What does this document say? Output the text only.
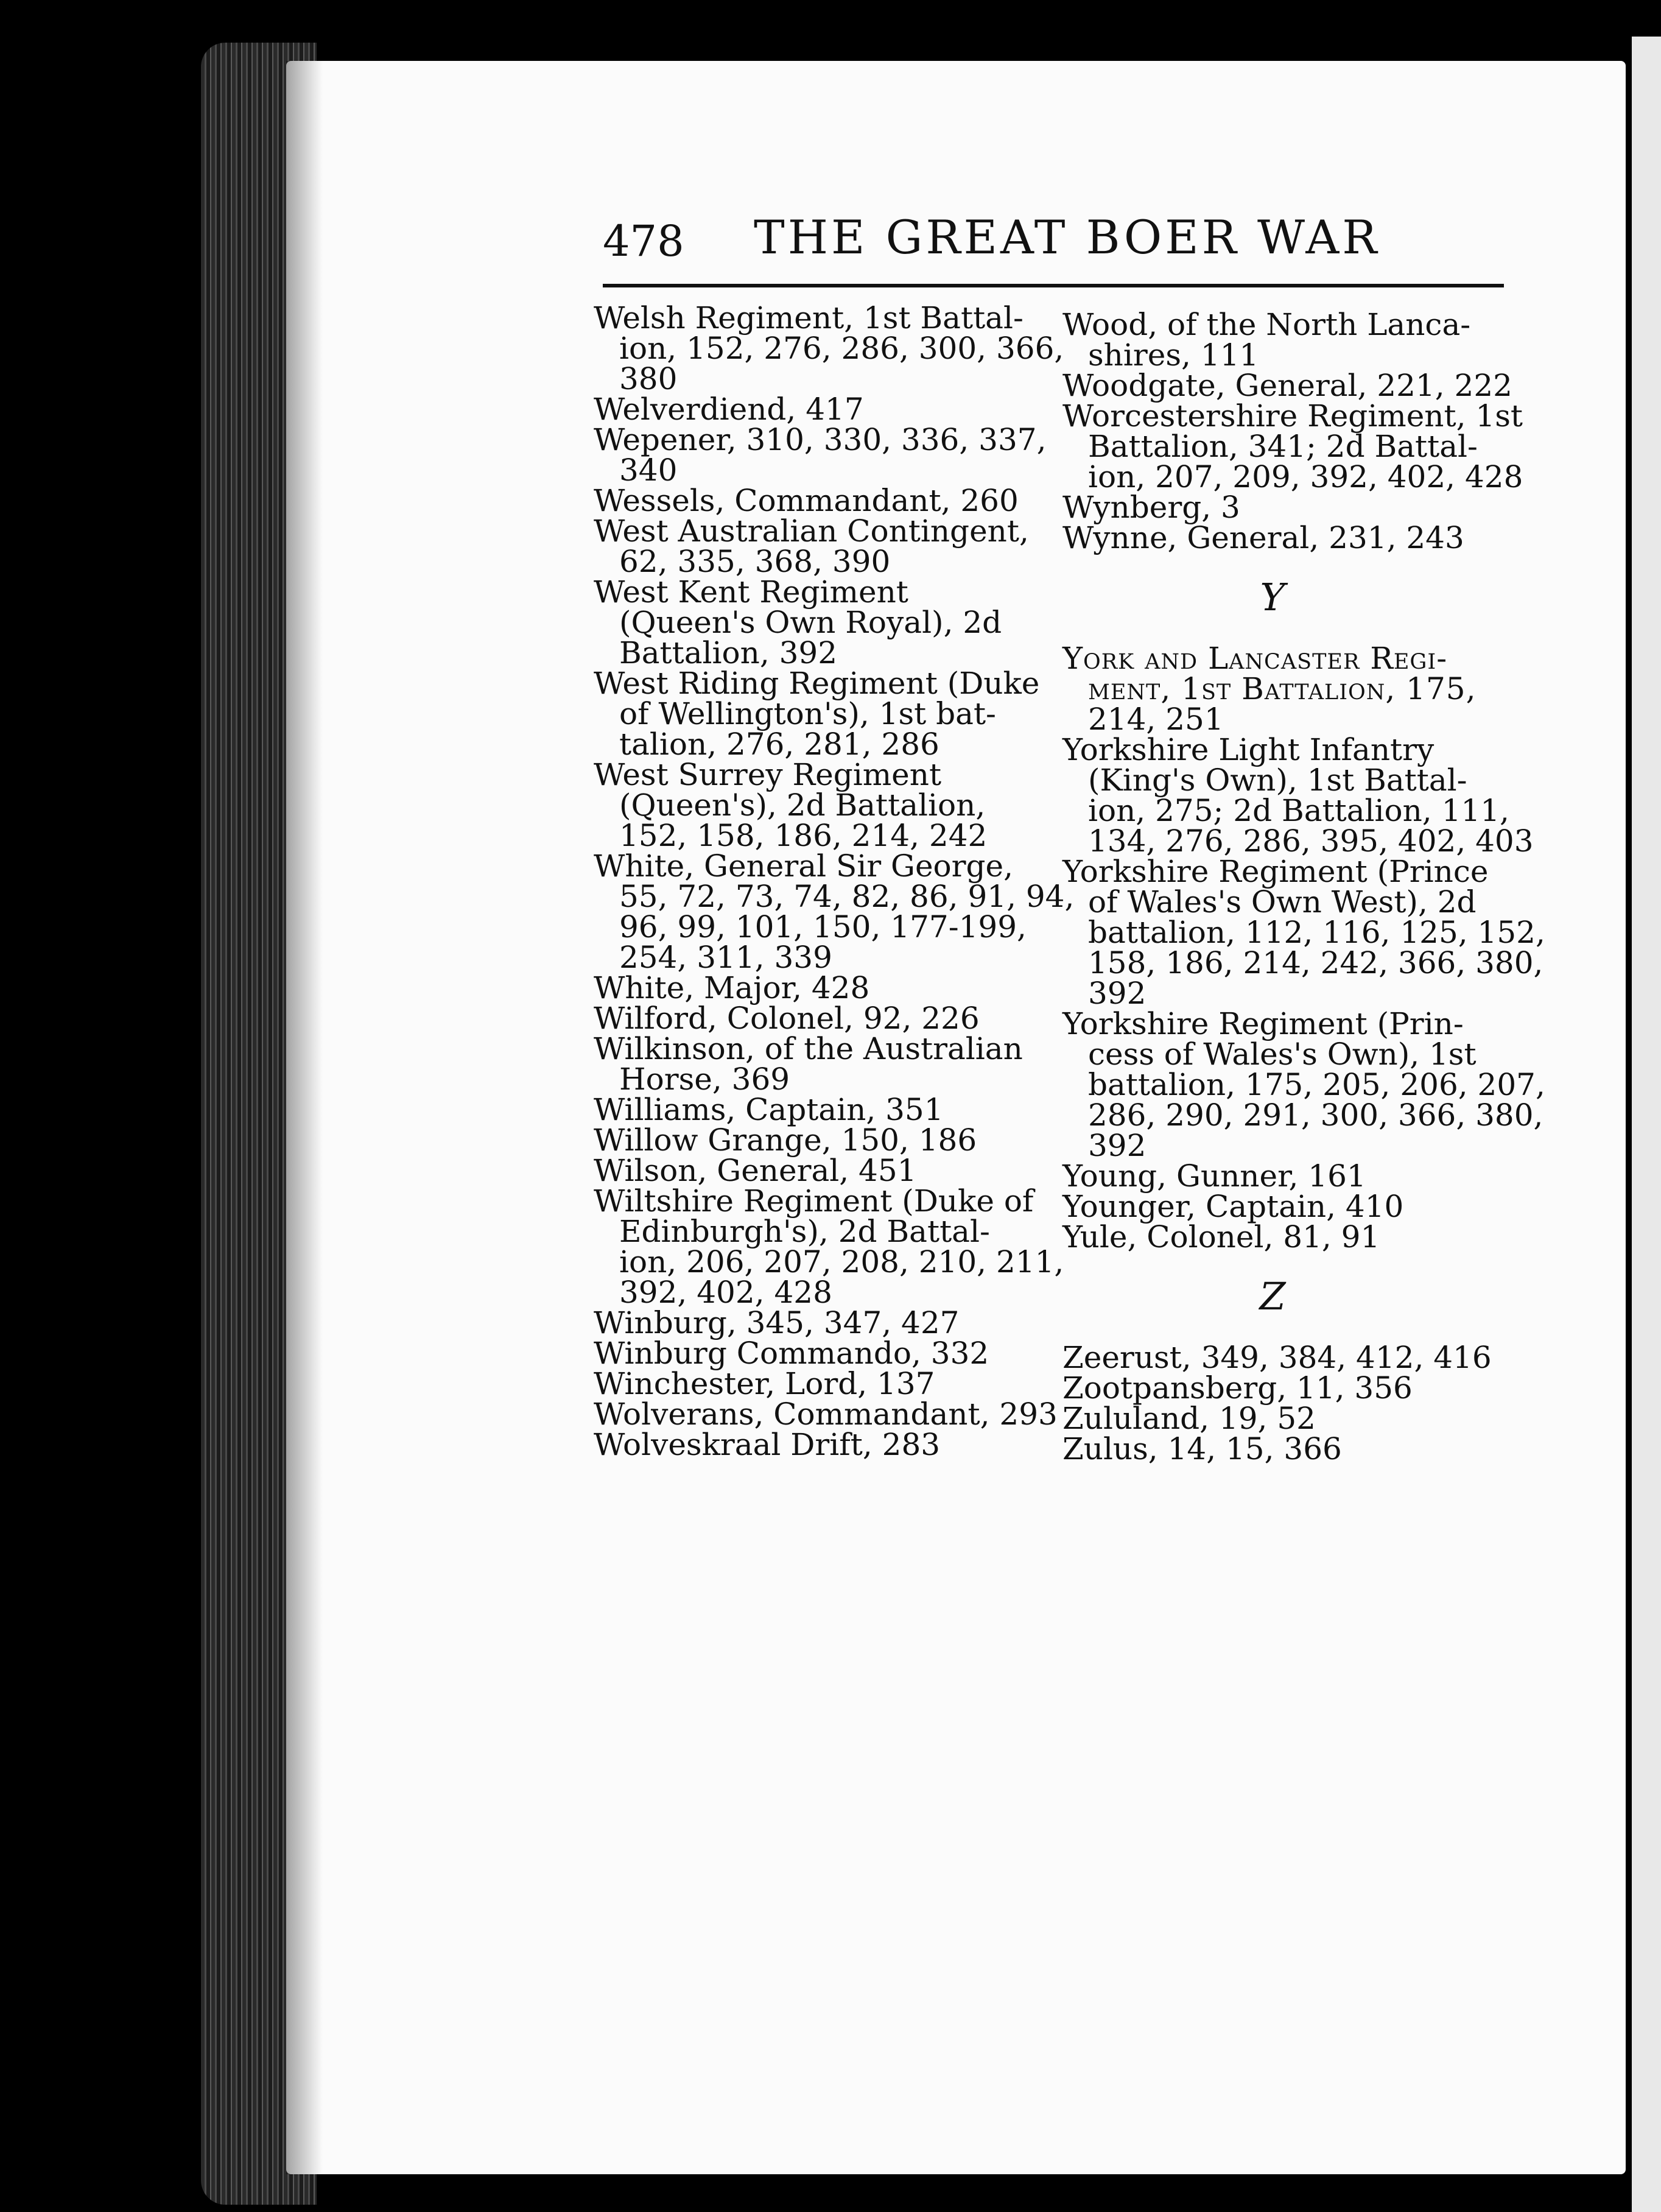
478 THE GREAT BOER WAR
Welsh Regiment, 1st Battal-
ion, 152, 276, 286, 300, 366,
380
Welverdiend, 417
Wepener, 310, 330, 336, 337,
340
Wessels, Commandant, 260
West Australian Contingent,
62, 335, 368, 390
West Kent Regiment
(Queen's Own Royal), 2d
Battalion, 392
West Riding Regiment (Duke
of Wellington's), 1st bat-
talion, 276, 281, 286
West Surrey Regiment
(Queen's), 2d Battalion,
152, 158, 186, 214, 242
White, General Sir George,
55, 72, 73, 74, 82, 86, 91, 94,
96, 99, 101, 150, 177-199,
254, 311, 339
White, Major, 428
Wilford, Colonel, 92, 226
Wilkinson, of the Australian
Horse, 369
Williams, Captain, 351
Willow Grange, 150, 186
Wilson, General, 451
Wiltshire Regiment (Duke of
Edinburgh's), 2d Battal-
ion, 206, 207, 208, 210, 211,
392, 402, 428
Winburg, 345, 347, 427
Winburg Commando, 332
Winchester, Lord, 137
Wolverans, Commandant, 293
Wolveskraal Drift, 283
Wood, of the North Lanca-
shires, 111
Woodgate, General, 221, 222
Worcestershire Regiment, 1st
Battalion, 341; 2d Battal-
ion, 207, 209, 392, 402, 428
Wynberg, 3
Wynne, General, 231, 243
Y
York and Lancaster Regi-
ment, 1st Battalion, 175,
214, 251
Yorkshire Light Infantry
(King's Own), 1st Battal-
ion, 275; 2d Battalion, 111,
134, 276, 286, 395, 402, 403
Yorkshire Regiment (Prince
of Wales's Own West), 2d
battalion, 112, 116, 125, 152,
158, 186, 214, 242, 366, 380,
392
Yorkshire Regiment (Prin-
cess of Wales's Own), 1st
battalion, 175, 205, 206, 207,
286, 290, 291, 300, 366, 380,
392
Young, Gunner, 161
Younger, Captain, 410
Yule, Colonel, 81, 91
Z
Zeerust, 349, 384, 412, 416
Zootpansberg, 11, 356
Zululand, 19, 52
Zulus, 14, 15, 366
